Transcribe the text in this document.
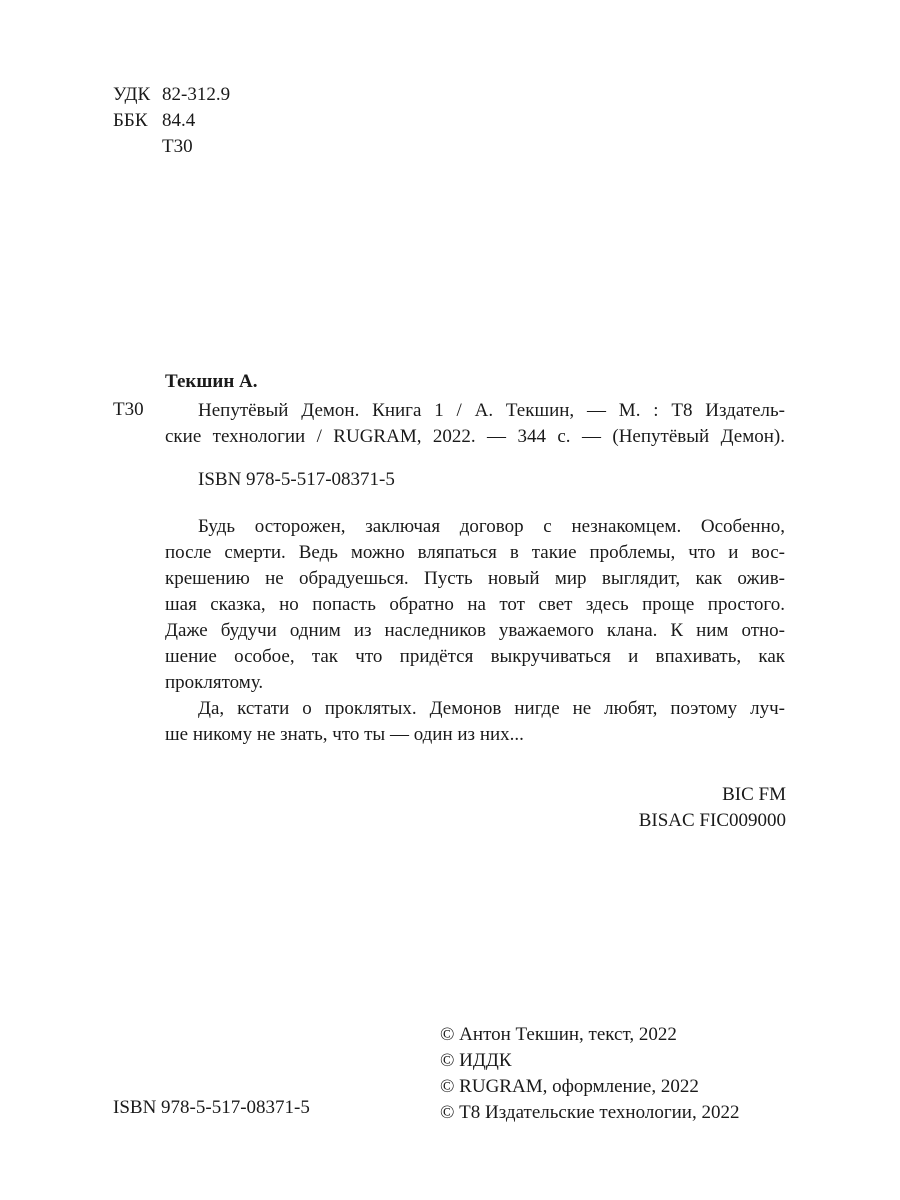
УДК 82-312.9
ББК 84.4
Т30
Текшин А.
Т30	Непутёвый Демон. Книга 1 / А. Текшин, — М. : Т8 Издатель-
ские технологии / RUGRAM, 2022. — 344 с. — (Непутёвый Демон).
ISBN 978-5-517-08371-5

Будь осторожен, заключая договор с незнакомцем. Особенно,
после смерти. Ведь можно вляпаться в такие проблемы, что и вос-
крешению не обрадуешься. Пусть новый мир выглядит, как ожив-
шая сказка, но попасть обратно на тот свет здесь проще простого.
Даже будучи одним из наследников уважаемого клана. К ним отно-
шение особое, так что придётся выкручиваться и впахивать, как
проклятому.

Да, кстати о проклятых. Демонов нигде не любят, поэтому луч-
ше никому не знать, что ты — один из них...

BIC FM
BISAC FIC009000
© Антон Текшин, текст, 2022
© ИДДК
© RUGRAM, оформление, 2022
© Т8 Издательские технологии, 2022
ISBN 978-5-517-08371-5
